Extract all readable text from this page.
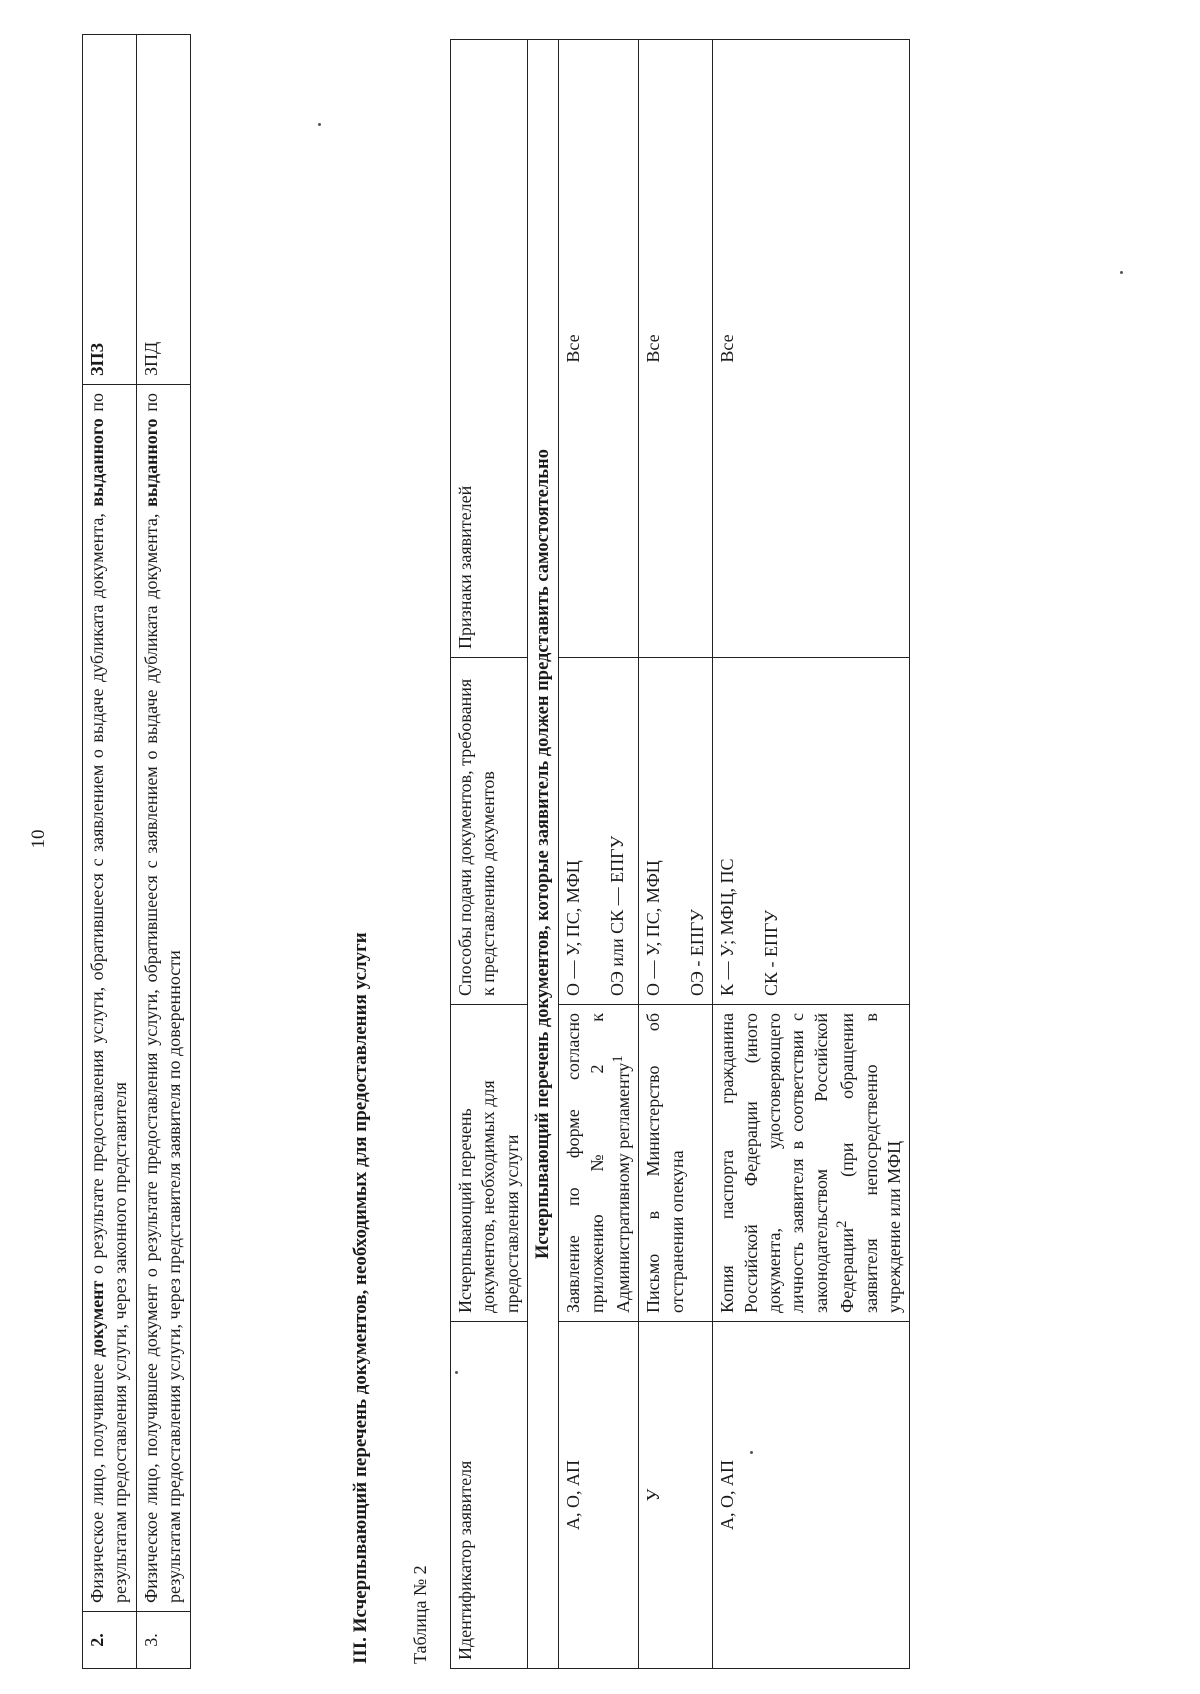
10
2.	Физическое лицо, получившее документ о результате предоставления услуги, обратившееся с заявлением о выдаче дубликата документа, выданного по результатам предоставления услуги, через законного представителя	ЗПЗ
3.	Физическое лицо, получившее документ о результате предоставления услуги, обратившееся с заявлением о выдаче дубликата документа, выданного по результатам предоставления услуги, через представителя заявителя по доверенности	ЗПД
III. Исчерпывающий перечень документов, необходимых для предоставления услуги Таблица № 2 Идентификатор заявителя	Исчерпывающий перечень документов, необходимых для предоставления услуги	Способы подачи документов, требования к представлению документов	Признаки заявителей
Исчерпывающий перечень документов, которые заявитель должен представить самостоятельно			
А, О, АП	Заявление по форме согласно приложению № 2 к Административному регламенту$^1$	О — У, ПС, МФЦ ОЭ или СК — ЕПГУ	Все
У	Письмо в Министерство об отстранении опекуна	О — У, ПС, МФЦ ОЭ - ЕПГУ	Все
А, О, АП	Копия паспорта гражданина Российской Федерации (иного документа, удостоверяющего личность заявителя в соответствии с законодательством Российской Федерации$^2$ (при обращении заявителя непосредственно в учреждение или МФЦ	К — У; МФЦ, ПС СК - ЕПГУ	Все
